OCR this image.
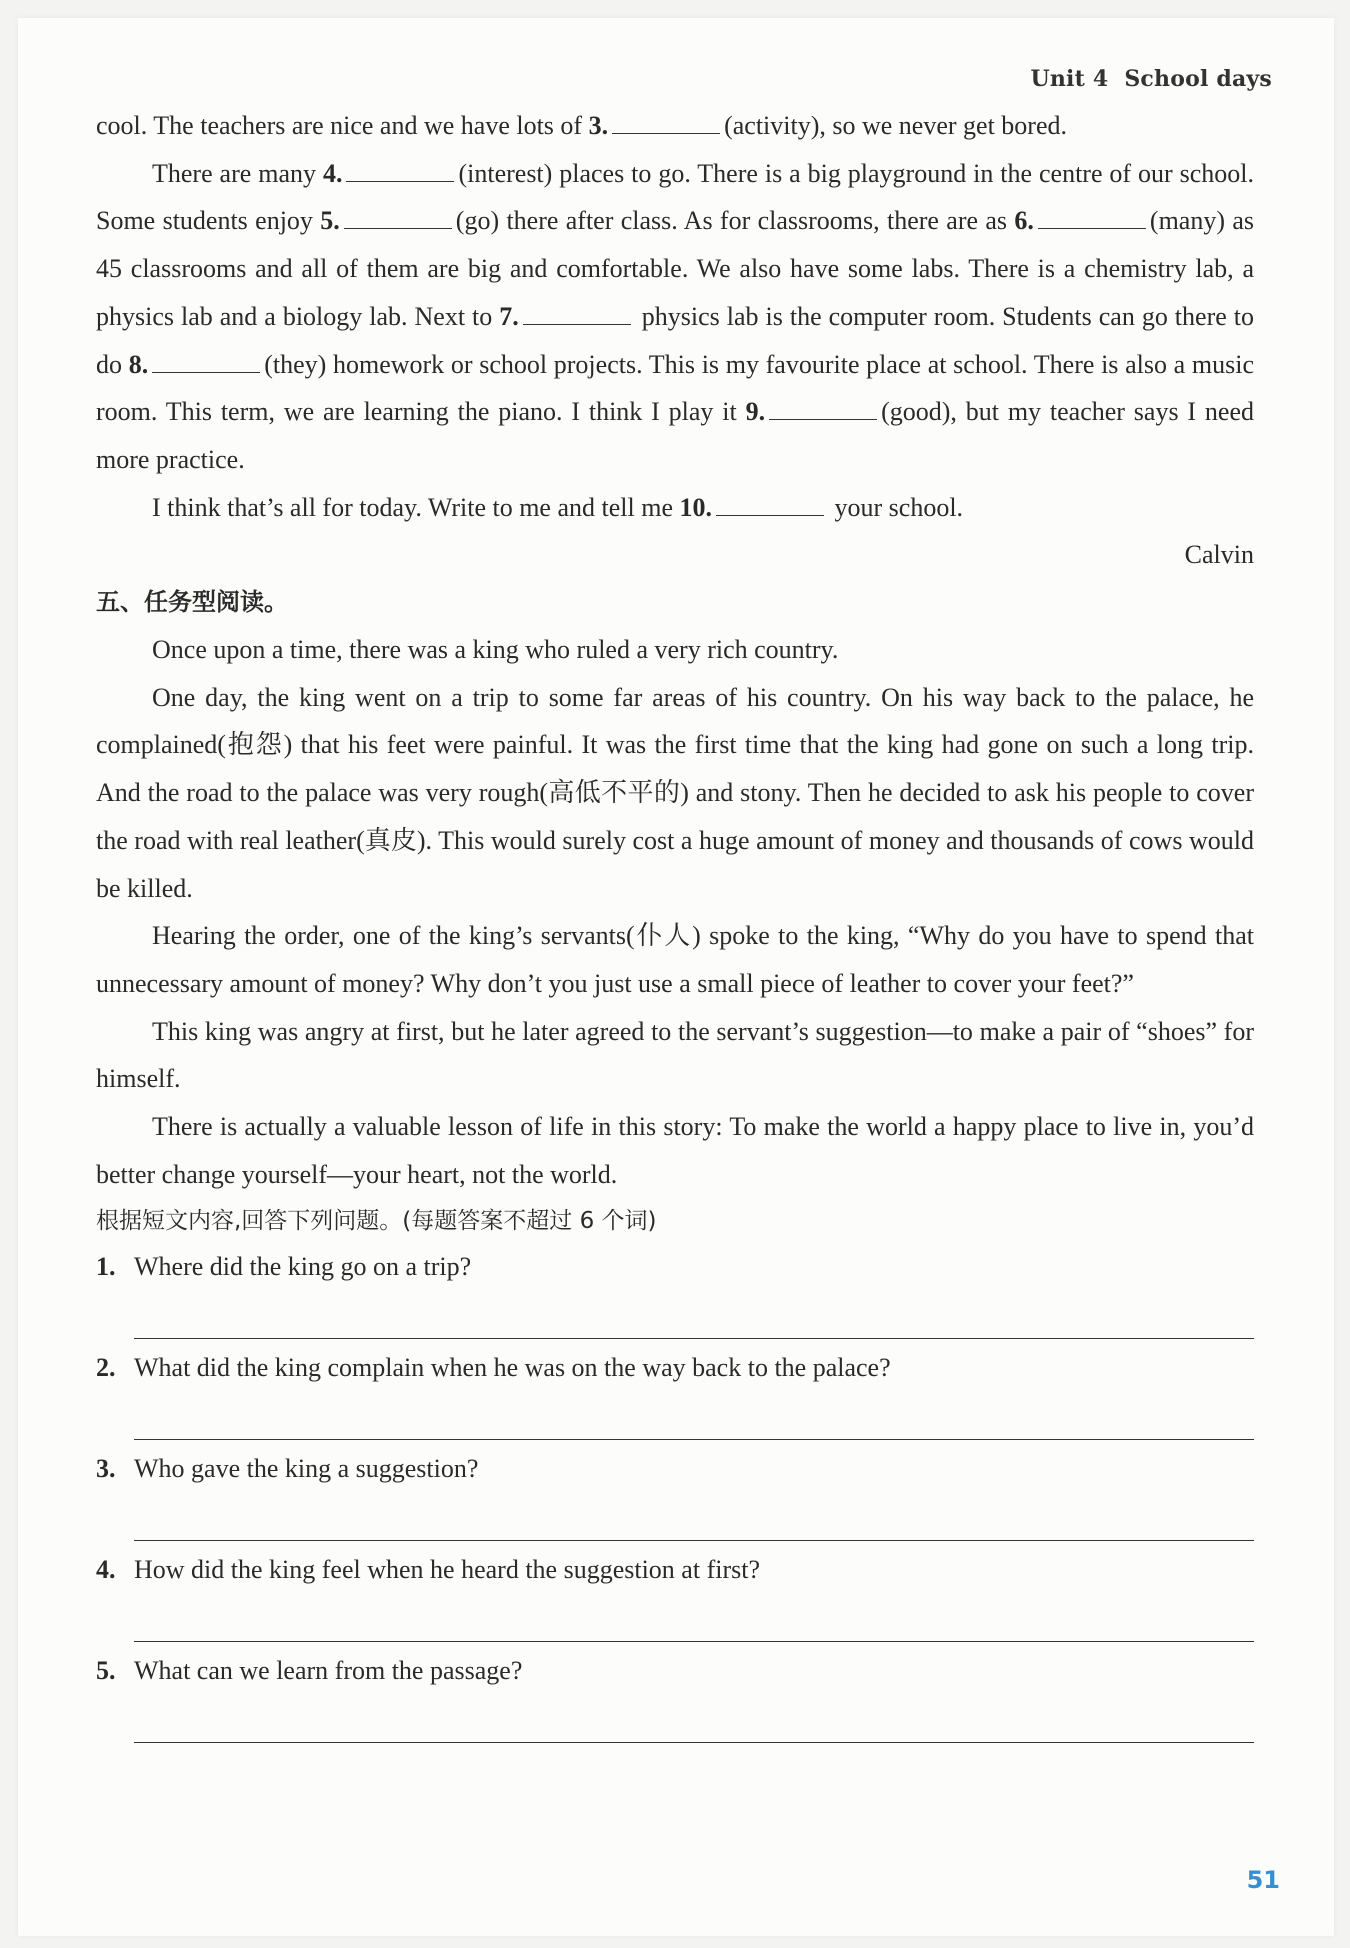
Unit 4 School days

cool. The teachers are nice and we have lots of 3.	(activity), so we never get bored.

There are many 4.	(interest) places to go. There is a big playground in the centre of our school. Some students enjoy 5.	(go) there after class. As for classrooms, there are as 6.	(many) as 45 classrooms and all of them are big and comfortable. We also have some labs. There is a chemistry lab, a physics lab and a biology lab. Next to 7.	physics lab is the computer room. Students can go there to do 8.	(they) homework or school projects. This is my favourite place at school. There is also a music room. This term, we are learning the piano. I think I play it 9.	(good), but my teacher says I need more practice.

I think that’s all for today. Write to me and tell me 10.	your school.

Calvin

五、任务型阅读。

Once upon a time, there was a king who ruled a very rich country.

One day, the king went on a trip to some far areas of his country. On his way back to the palace, he complained(抱怨) that his feet were painful. It was the first time that the king had gone on such a long trip. And the road to the palace was very rough(高低不平的) and stony. Then he decided to ask his people to cover the road with real leather(真皮). This would surely cost a huge amount of money and thousands of cows would be killed.

Hearing the order, one of the king’s servants(仆人) spoke to the king, “Why do you have to spend that unnecessary amount of money? Why don’t you just use a small piece of leather to cover your feet?”

This king was angry at first, but he later agreed to the servant’s suggestion—to make a pair of “shoes” for himself.

There is actually a valuable lesson of life in this story: To make the world a happy place to live in, you’d better change yourself—your heart, not the world.

根据短文内容,回答下列问题。(每题答案不超过 6 个词)

1. Where did the king go on a trip?
2. What did the king complain when he was on the way back to the palace?
3. Who gave the king a suggestion?
4. How did the king feel when he heard the suggestion at first?
5. What can we learn from the passage?
51
